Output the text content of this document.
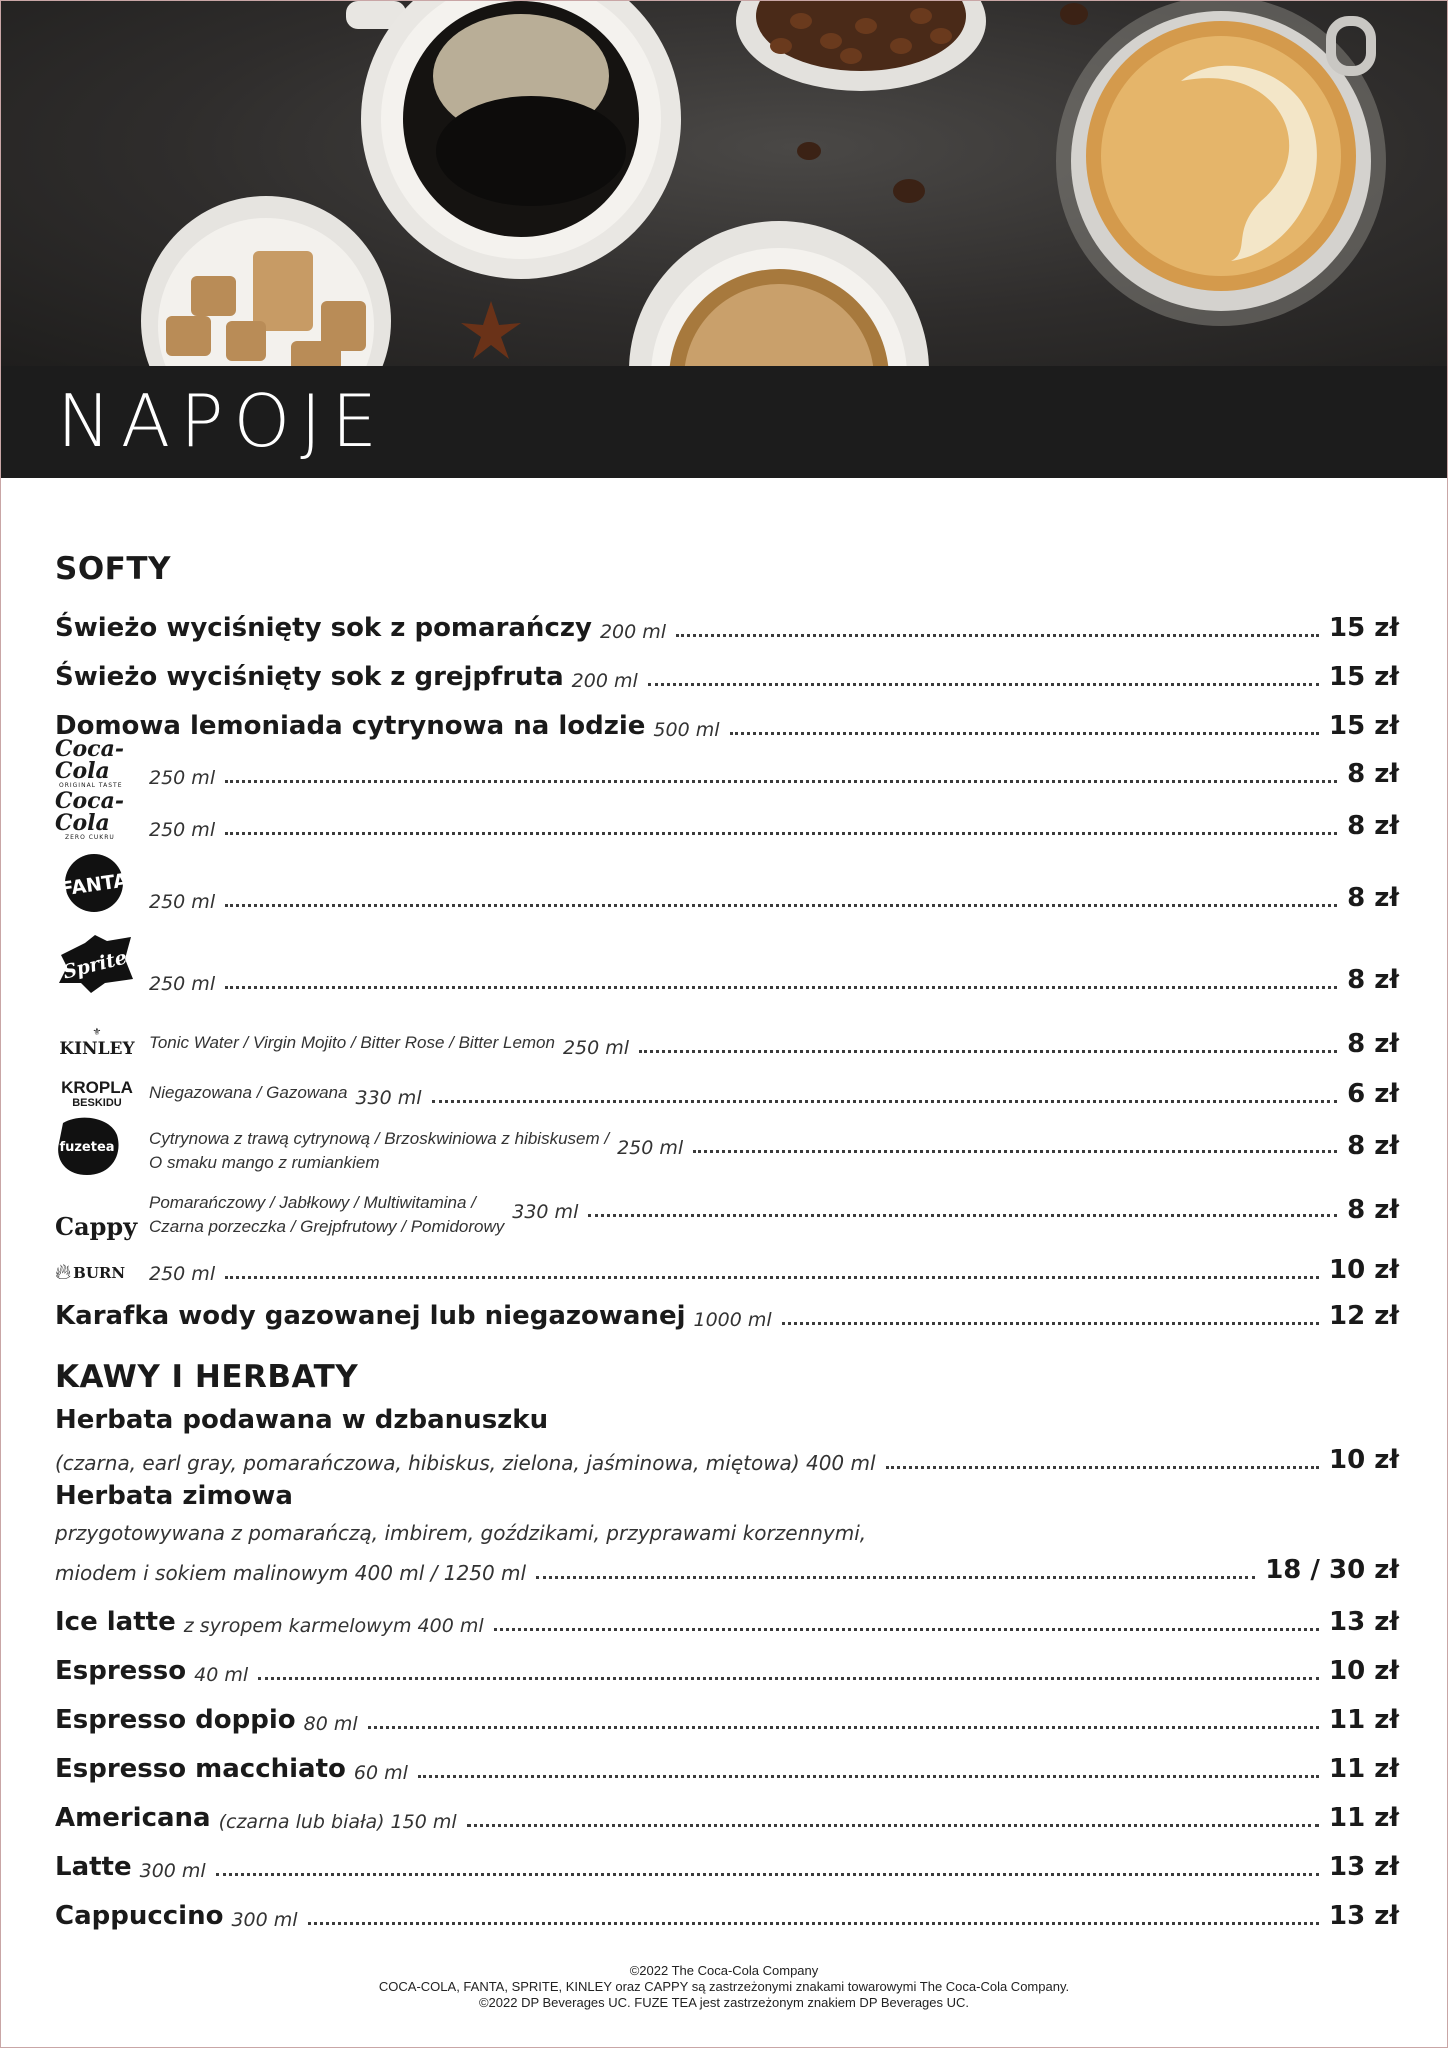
NAPOJE
SOFTY
Świeżo wyciśnięty sok z pomarańczy 200 ml	15 zł
Świeżo wyciśnięty sok z grejpfruta 200 ml	15 zł
Domowa lemoniada cytrynowa na lodzie 500 ml	15 zł
Coca-Cola
ORIGINAL TASTE 250 ml	8 zł
Coca-Cola
ZERO CUKRU 250 ml	8 zł
FANTA
250 ml	8 zł
Sprite
250 ml	8 zł
⚜
KINLEY Tonic Water / Virgin Mojito / Bitter Rose / Bitter Lemon 250 ml	8 zł
KROPLA
BESKIDU
Niegazowana / Gazowana 330 ml	6 zł
fuzetea Cytrynowa z trawą cytrynową / Brzoskwiniowa z hibiskusem /
O smaku mango z rumiankiem
250 ml	8 zł
Cappy
Pomarańczowy / Jabłkowy / Multiwitamina /
Czarna porzeczka / Grejpfrutowy / Pomidorowy
330 ml	8 zł
🔥︎ BURN 250 ml	10 zł
Karafka wody gazowanej lub niegazowanej 1000 ml	12 zł
KAWY I HERBATY
Herbata podawana w dzbanuszku
(czarna, earl gray, pomarańczowa, hibiskus, zielona, jaśminowa, miętowa) 400 ml	10 zł
Herbata zimowa
przygotowywana z pomarańczą, imbirem, goździkami, przyprawami korzennymi,
miodem i sokiem malinowym 400 ml / 1250 ml	18 / 30 zł
Ice latte z syropem karmelowym 400 ml	13 zł
Espresso 40 ml	10 zł
Espresso doppio 80 ml	11 zł
Espresso macchiato 60 ml	11 zł
Americana (czarna lub biała) 150 ml	11 zł
Latte 300 ml	13 zł
Cappuccino 300 ml	13 zł
©2022 The Coca-Cola Company
COCA-COLA, FANTA, SPRITE, KINLEY oraz CAPPY są zastrzeżonymi znakami towarowymi The Coca-Cola Company.
©2022 DP Beverages UC. FUZE TEA jest zastrzeżonym znakiem DP Beverages UC.
